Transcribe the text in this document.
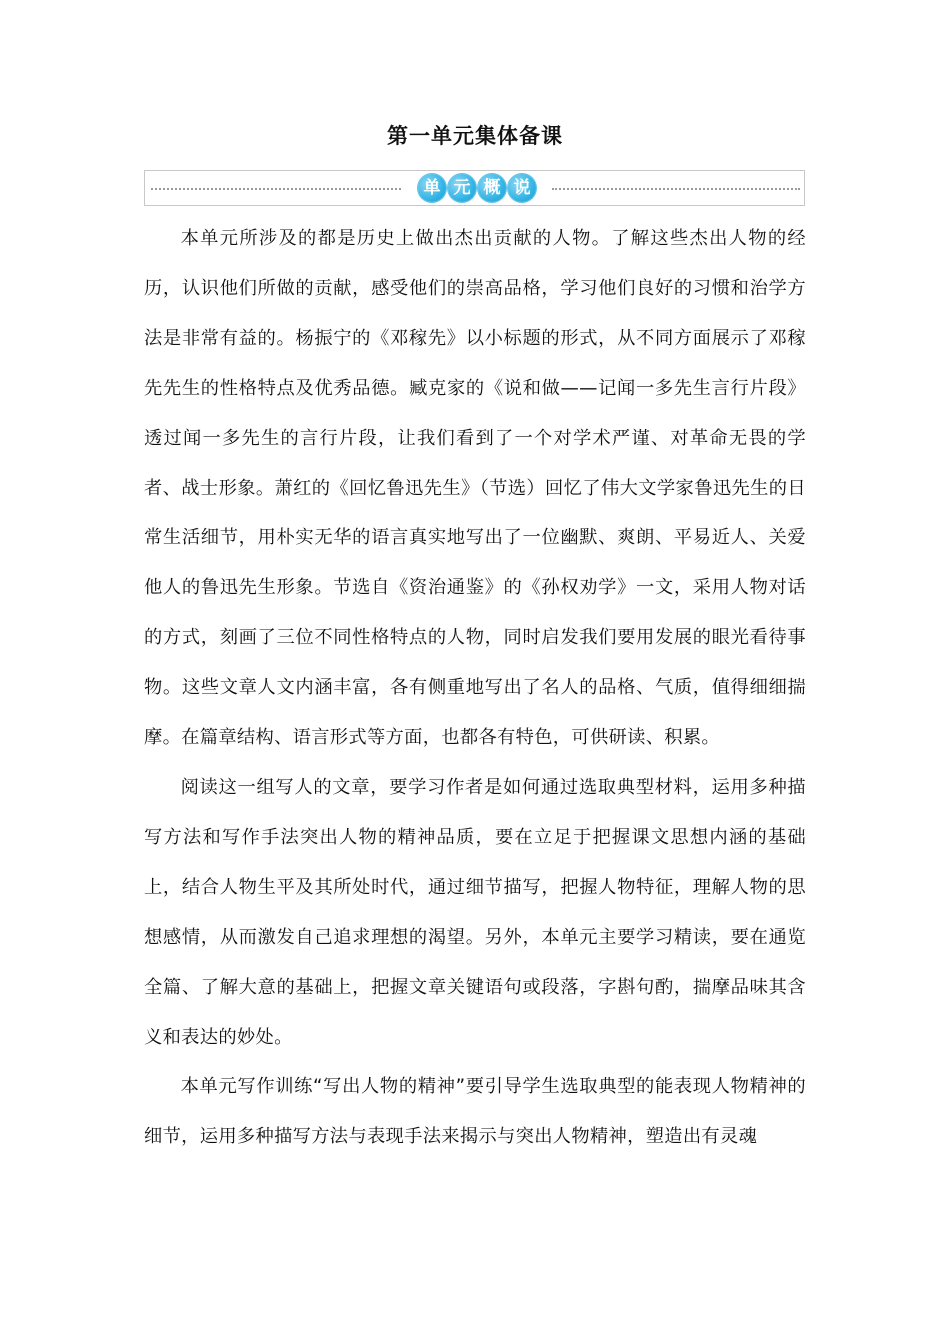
第一单元集体备课
单 元 概 说

本单元所涉及的都是历史上做出杰出贡献的人物。了解这些杰出人物的经历，认识他们所做的贡献，感受他们的崇高品格，学习他们良好的习惯和治学方法是非常有益的。杨振宁的《邓稼先》以小标题的形式，从不同方面展示了邓稼先先生的性格特点及优秀品德。臧克家的《说和做——记闻一多先生言行片段》透过闻一多先生的言行片段，让我们看到了一个对学术严谨、对革命无畏的学者、战士形象。萧红的《回忆鲁迅先生》（节选）回忆了伟大文学家鲁迅先生的日常生活细节，用朴实无华的语言真实地写出了一位幽默、爽朗、平易近人、关爱他人的鲁迅先生形象。节选自《资治通鉴》的《孙权劝学》一文，采用人物对话的方式，刻画了三位不同性格特点的人物，同时启发我们要用发展的眼光看待事物。这些文章人文内涵丰富，各有侧重地写出了名人的品格、气质，值得细细揣摩。在篇章结构、语言形式等方面，也都各有特色，可供研读、积累。

阅读这一组写人的文章，要学习作者是如何通过选取典型材料，运用多种描写方法和写作手法突出人物的精神品质，要在立足于把握课文思想内涵的基础上，结合人物生平及其所处时代，通过细节描写，把握人物特征，理解人物的思想感情，从而激发自己追求理想的渴望。另外，本单元主要学习精读，要在通览全篇、了解大意的基础上，把握文章关键语句或段落，字斟句酌，揣摩品味其含义和表达的妙处。

本单元写作训练“写出人物的精神”要引导学生选取典型的能表现人物精神的细节，运用多种描写方法与表现手法来揭示与突出人物精神，塑造出有灵魂
